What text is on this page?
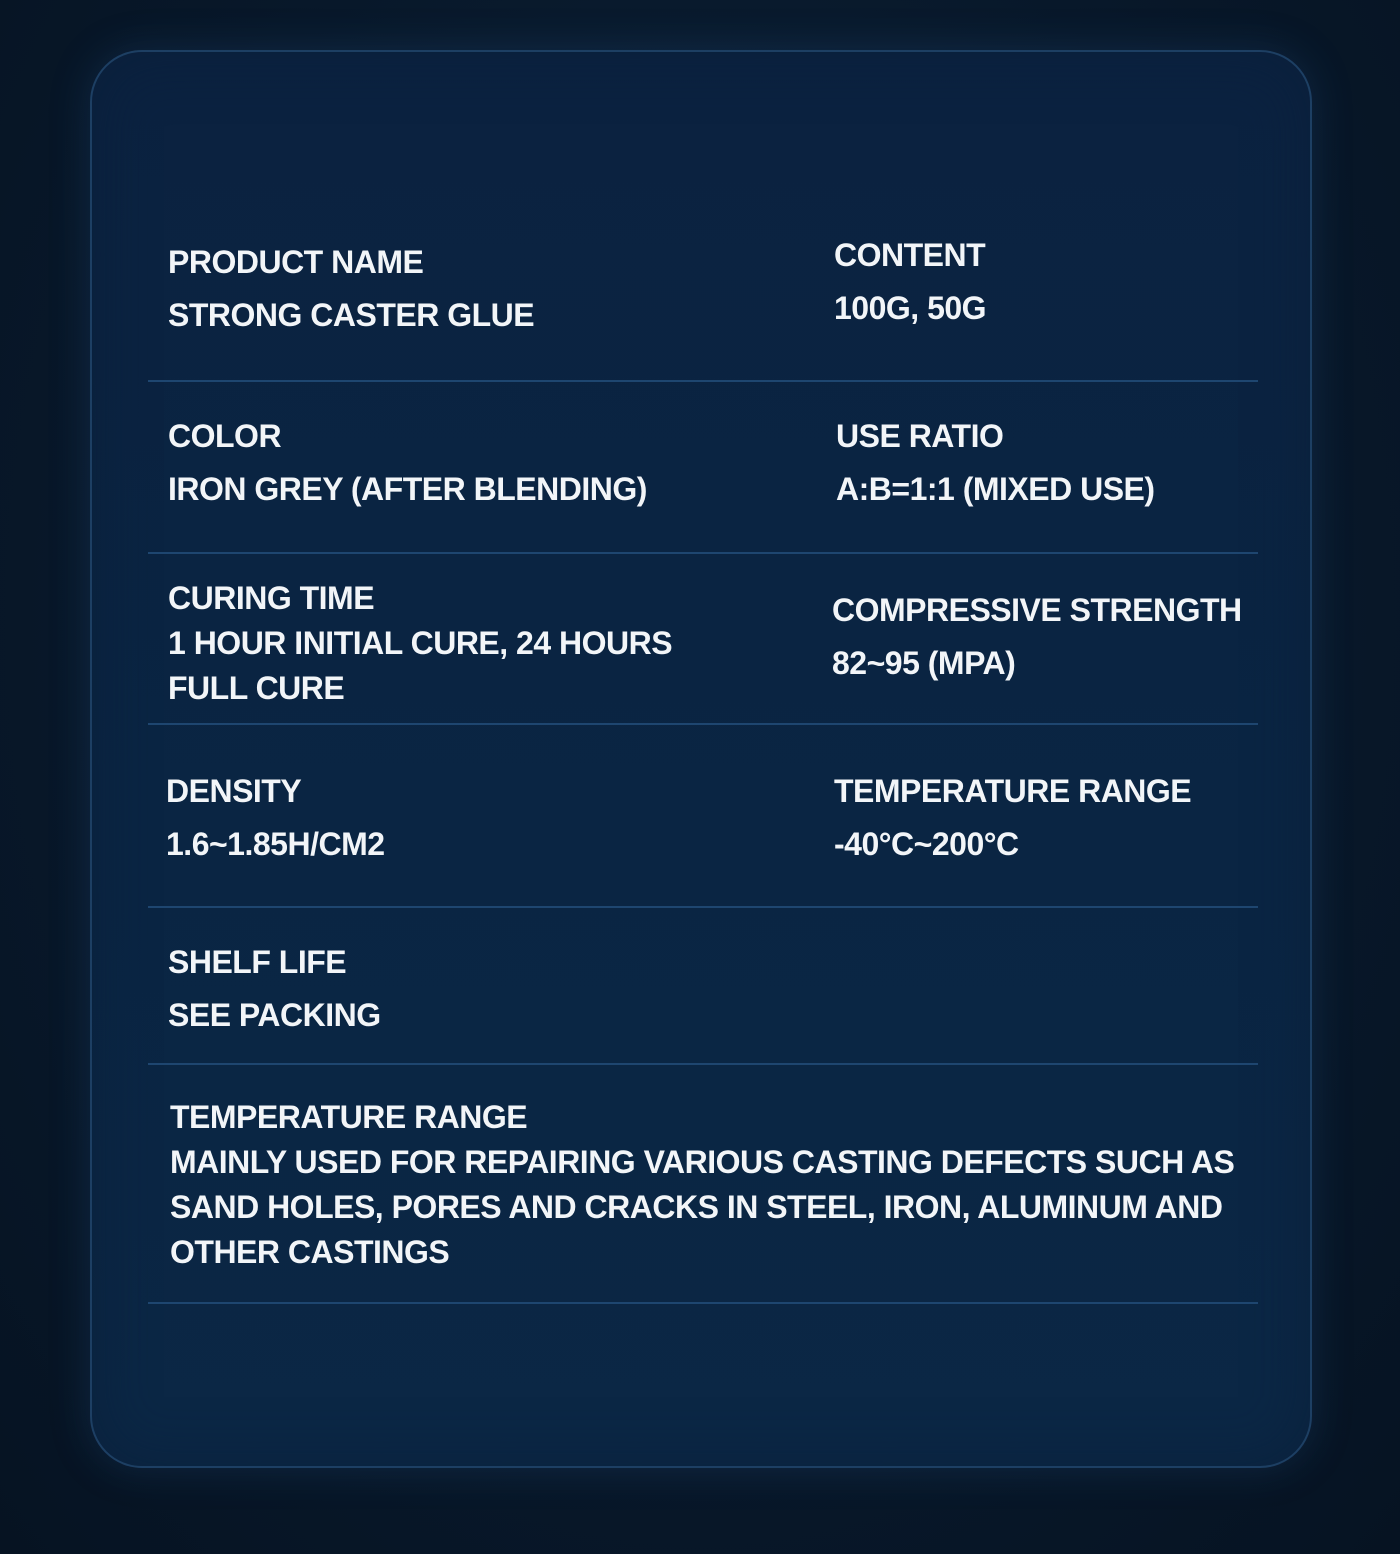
PRODUCT NAME
STRONG CASTER GLUE
CONTENT
100G, 50G
COLOR
IRON GREY (AFTER BLENDING)
USE RATIO
A:B=1:1 (MIXED USE)
CURING TIME
1 HOUR INITIAL CURE, 24 HOURS
FULL CURE
COMPRESSIVE STRENGTH
82~95 (MPA)
DENSITY
1.6~1.85H/CM2
TEMPERATURE RANGE
-40°C~200°C
SHELF LIFE
SEE PACKING
TEMPERATURE RANGE
MAINLY USED FOR REPAIRING VARIOUS CASTING DEFECTS SUCH AS
SAND HOLES, PORES AND CRACKS IN STEEL, IRON, ALUMINUM AND
OTHER CASTINGS
